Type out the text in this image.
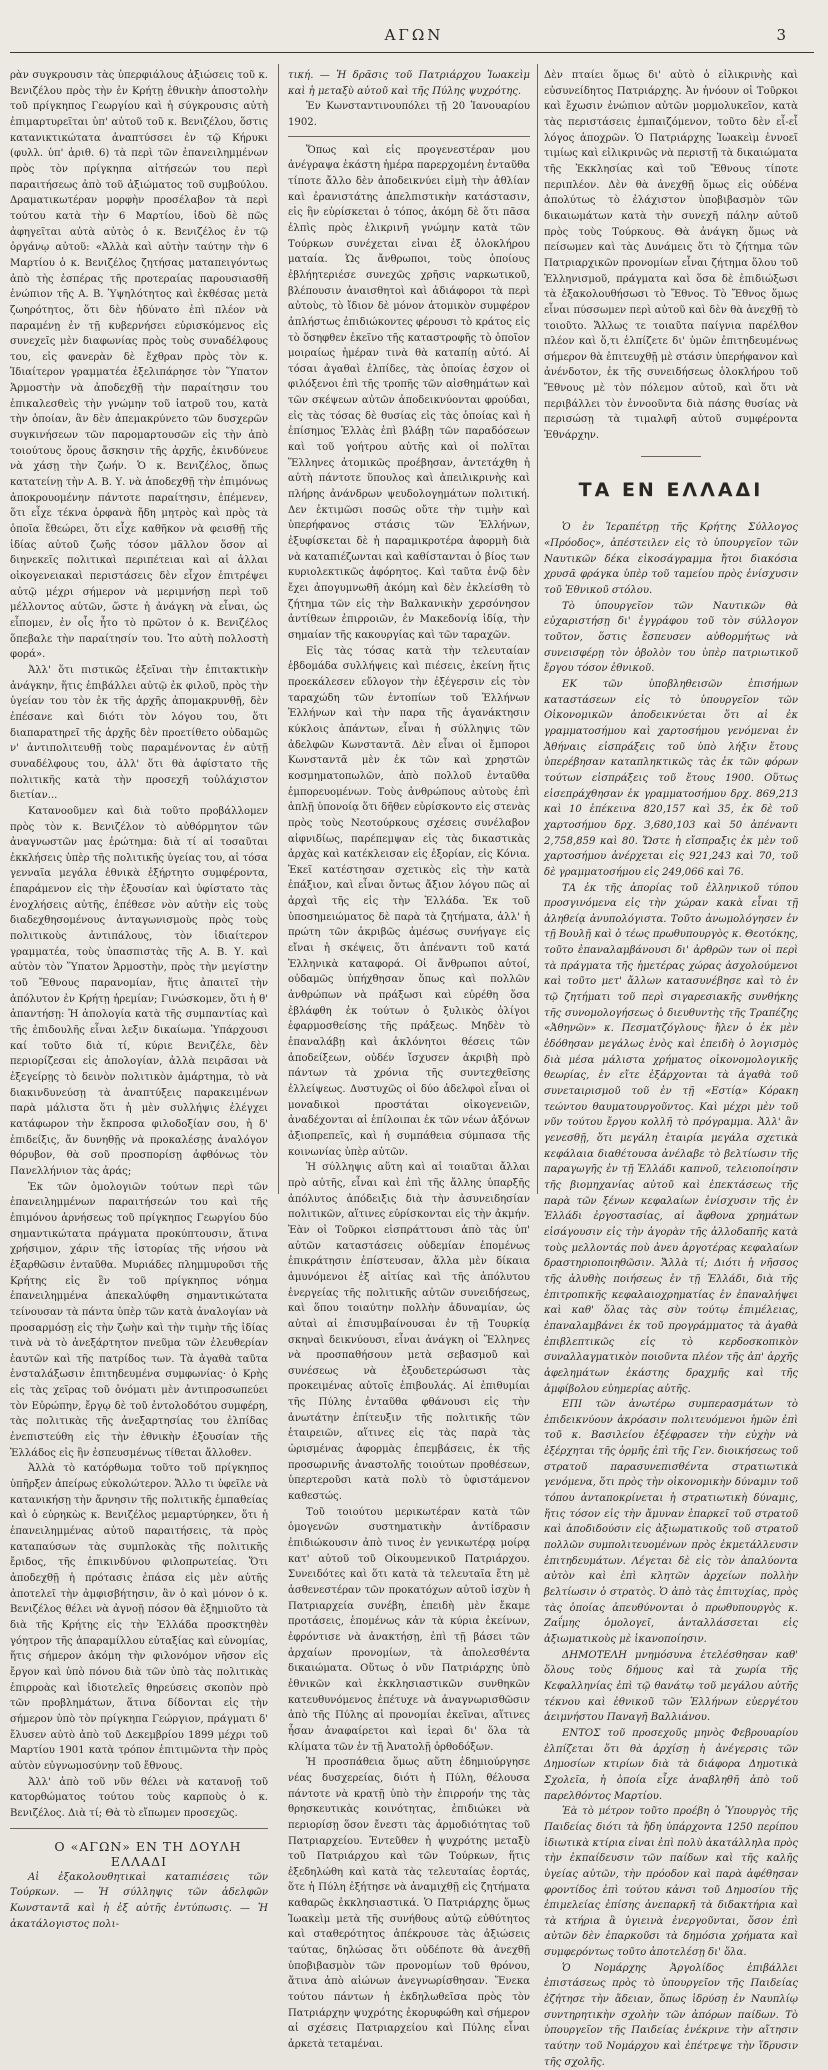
ΑΓΩΝ	3

ρὰν συγκρουσιν τὰς ὑπερφιάλους ἀξιώσεις τοῦ κ. Βενιζέλου πρὸς τὴν ἐν Κρήτῃ ἐθνικὴν ἀποστολὴν τοῦ πρίγκηπος Γεωργίου καὶ ἡ σύγκρουσις αὐτὴ ἐπιμαρτυρεῖται ὑπ' αὐτοῦ τοῦ κ. Βενιζέλου, ὅστις κατανικτικώτατα ἀναπτύσσει ἐν τῷ Κήρυκι (φυλλ. ὑπ' ἀριθ. 6) τὰ περὶ τῶν ἐπανειλημμένων πρὸς τὸν πρίγκηπα αἰτήσεών του περὶ παραιτήσεως ἀπὸ τοῦ ἀξιώματος τοῦ συμβούλου. Δραματικωτέραν μορφὴν προσέλαβον τὰ περὶ τούτου κατὰ τὴν 6 Μαρτίου, ἰδοὺ δὲ πῶς ἀφηγεῖται αὐτὰ αὐτὸς ὁ κ. Βενιζέλος ἐν τῷ ὀργάνῳ αὐτοῦ: «Ἀλλὰ καὶ αὐτὴν ταύτην τὴν 6 Μαρτίου ὁ κ. Βενιζέλος ζητήσας ματαπειγόντως ἀπὸ τὴς ἑσπέρας τῆς προτεραίας παρουσιασθῆ ἐνώπιον τῆς Α. Β. Ὑψηλότητος καὶ ἐκθέσας μετὰ ζωηρότητος, ὅτι δὲν ἠδύνατο ἐπὶ πλέον νὰ παραμένῃ ἐν τῇ κυβερνήσει εὐρισκόμενος εἰς συνεχεῖς μὲν διαφωνίας πρὸς τοὺς συναδέλφους του, εἰς φανερὰν δὲ ἔχθραν πρὸς τὸν κ. Ἰδιαίτερον γραμματέα ἐξελιπάρησε τὸν Ὕπατον Ἁρμοστὴν νὰ ἀποδεχθῇ τὴν παραίτησιν του ἐπικαλεσθεὶς τὴν γνώμην τοῦ ἰατροῦ του, κατὰ τὴν ὁποίαν, ἂν δὲν ἀπεμακρύνετο τῶν δυσχερῶν συγκινήσεων τῶν παρομαρτουσῶν εἰς τὴν ἀπὸ τοιούτους ὅρους ἄσκησιν τῆς ἀρχῆς, ἐκινδύνευε νὰ χάσῃ τὴν ζωήν. Ὁ κ. Βενιζέλος, ὅπως κατατείνῃ τὴν Α. Β. Υ. νὰ ἀποδεχθῇ τὴν ἐπιμόνως ἀποκρουομένην πάντοτε παραίτησιν, ἐπέμενεν, ὅτι εἶχε τέκνα ὀρφανὰ ἤδη μητρὸς καὶ πρὸς τὰ ὁποῖα ἔθεώρει, ὅτι εἶχε καθῆκον νὰ φεισθῇ τῆς ἰδίας αὐτοῦ ζωῆς τόσον μᾶλλον ὅσον αἱ διηνεκεῖς πολιτικαὶ περιπέτειαι καὶ αἱ ἀλλαι οἰκογενειακαὶ περιστάσεις δὲν εἶχον ἐπιτρέψει αὐτῷ μέχρι σήμερον νὰ μεριμνήσῃ περὶ τοῦ μέλλοντος αὐτῶν, ὥστε ἡ ἀνάγκη νὰ εἶναι, ὡς εἶπομεν, ἐν οἷς ἦτο τὸ πρῶτον ὁ κ. Βενιζέλος ὅπεβαλε τὴν παραίτησίν του. Ἰτο αὐτὴ πολλοστὴ φορά».

Ἀλλ' ὅτι πιστικῶς ἐξεῖναι τὴν ἐπιτακτικὴν ἀνάγκην, ἥτις ἐπιβάλλει αὐτῷ ἐκ φιλοῦ, πρὸς τὴν ὑγείαν του τὸν ἐκ τῆς ἀρχῆς ἀπομακρυνθῇ, δὲν ἐπέσανε καὶ διότι τὸν λόγου του, ὅτι διαπαρατηρεῖ τῆς ἀρχῆς δὲν προετίθετο οὐδαμῶς ν' ἀντιπολιτευθῇ τοὺς παραμένοντας ἐν αὐτῇ συναδέλφους του, ἀλλ' ὅτι θὰ ἀφίστατο τῆς πολιτικῆς κατὰ τὴν προσεχῆ τοὐλάχιστον διετίαν...

Κατανοοῦμεν καὶ διὰ τοῦτο προβάλλομεν πρὸς τὸν κ. Βενιζέλον τὸ αὐθόρμητον τῶν ἀναγνωστῶν μας ἐρώτημα: διὰ τί αἱ τοσαῦται ἐκκλήσεις ὑπὲρ τῆς πολιτικῆς ὑγείας του, αἱ τόσα γενναῖα μεγάλα ἐθνικὰ ἐξήρτητο συμφέροντα, ἐπαράμενον εἰς τὴν ἐξουσίαν καὶ ὑφίστατο τὰς ἐνοχλήσεις αὐτῆς, ἐπέθεσε νὸν αὐτὴν εἰς τοὺς διαδεχθησομένους ἀνταγωνισμοὺς πρὸς τοὺς πολιτικοὺς ἀντιπάλους, τὸν ἰδιαίτερον γραμματέα, τοὺς ὑπασπιστὰς τῆς Α. Β. Υ. καὶ αὐτὸν τὸν Ὕπατον Ἁρμοστὴν, πρὸς τὴν μεγίστην τοῦ Ἔθνους παρανομίαν, ἥτις ἀπαιτεῖ τὴν ἀπόλυτον ἐν Κρήτῃ ἠρεμίαν; Γινώσκομεν, ὅτι ἡ θ' ἀπαντήσῃ: Ἡ ἀπολογία κατὰ τῆς συμπαντίας καὶ τῆς ἐπιδουλῆς εἶναι λεξιν δικαίωμα. Ὑπάρχουσι καί τοῦτο διὰ τί, κύριε Βενιζέλε, δὲν περιορίζεσαι εἰς ἀπολογίαν, ἀλλὰ πειρᾶσαι νὰ ἐξεγείρῃς τὸ δεινὸν πολιτικὸν ἀμάρτημα, τὸ νὰ διακινδυνεύσῃ τὰ ἀναπτύξεις παρακειμένων παρὰ μάλιστα ὅτι ἡ μὲν συλλήψις ἐλέγχει κατάφωρον τὴν ἔκπροσα φιλοδοξίαν σου, ἡ δ' ἐπιδείξις, ἄν δυνηθῇς νὰ προκαλέσῃς ἀναλόγον θόρυβον, θὰ σοῦ προσπορίσῃ ἀφθόνως τὸν Πανελλήνιον τὰς ἀράς;

Ἐκ τῶν ὁμολογιῶν τούτων περὶ τῶν ἐπανειλημμένων παραιτήσεών του καὶ τῆς ἐπιμόνου ἀρνήσεως τοῦ πρίγκηπος Γεωργίου δύο σημαντικώτατα πράγματα προκύπτουσιν, ἅτινα χρήσιμον, χάριν τῆς ἱστορίας τῆς νήσου νὰ ἐξαρθῶσιν ἐνταῦθα. Μυριάδες πλημμυροῦσι τῆς Κρήτης εἰς ἓν τοῦ πρίγκηπος νόημα ἐπανειλημμένα ἀπεκαλύφθη σημαντικώτατα τείνουσαν τὰ πάντα ὑπὲρ τῶν κατὰ ἀναλογίαν νὰ προσαρμόσῃ εἰς τὴν ζωὴν καὶ τὴν τιμὴν τῆς ἰδίας τινὰ νὰ τὸ ἀνεξάρτητον πνεῦμα τῶν ἐλευθερίαν ἑαυτῶν καὶ τῆς πατρίδος των. Τὰ ἀγαθὰ ταῦτα ἐνσταλάξωσιν ἐπιτηδευμένα συμφωνίας· ὁ Κρὴς εἰς τὰς χεῖρας τοῦ ὀνόματι μὲν ἀντιπροσωπεύει τὸν Εὐρώπην, ἔργῳ δὲ τοῦ ἐντολοδότου συμφέρη, τὰς πολιτικὰς τῆς ἀνεξαρτησίας του ἐλπίδας ἐνεπιστεύθη εἰς τὴν ἐθνικὴν ἐξουσίαν τῆς Ἑλλάδος εἰς ἣν ἐσπευσμένως τίθεται ἄλλοθεν.

Ἀλλὰ τὸ κατόρθωμα τοῦτο τοῦ πρίγκηπος ὑπῆρξεν ἀπείρως εὐκολώτερον. Ἄλλο τι ὑφεῖλε νὰ κατανικήσῃ τὴν ἄρνησιν τῆς πολιτικῆς ἐμπαθείας καὶ ὁ εὑρηκὼς κ. Βενιζέλος μεμαρτύρηκεν, ὅτι ἡ ἐπανειλημμένας αὐτοῦ παραιτήσεις, τὰ πρὸς καταπαύσων τὰς συμπλοκὰς τῆς πολιτικῆς ἔριδος, τῆς ἐπικινδύνου φιλοπρωτείας. Ὅτι ἀποδεχθῇ ἡ πρότασις ἐπάσα εἰς μὲν αὐτῆς ἀποτελεῖ τὴν ἀμφισβήτησιν, ἂν ὁ καὶ μόνον ὁ κ. Βενιζέλος θέλει νὰ ἀγνοῇ πόσον θὰ ἐξημιοῦτο τὰ διὰ τῆς Κρήτης εἰς τὴν Ἑλλάδα προσκτηθὲν γόητρον τῆς ἀπαραμίλλου εὐταξίας καὶ εὐνομίας, ἥτις σήμερον ἀκόμη τὴν φιλονόμον νῆσον εἰς ἔργον καὶ ὑπὸ πόνου διὰ τῶν ὑπὸ τὰς πολιτικὰς ἐπιρροὰς καὶ ἰδιοτελεῖς θηρεύσεις σκοπὸν πρὸ τῶν προβλημάτων, ἅτινα δίδονται εἰς τὴν σήμερον ὑπὸ τὸν πρίγκηπα Γεώργιον, πράγματι δ' ἔλυσεν αὐτὸ ἀπὸ τοῦ Δεκεμβρίου 1899 μέχρι τοῦ Μαρτίου 1901 κατὰ τρόπον ἐπιτιμῶντα τὴν πρὸς αὐτὸν εὐγνωμοσύνην τοῦ ἔθνους.

Ἀλλ' ἀπὸ τοῦ νῦν θέλει νὰ κατανοῇ τοῦ κατορθώματος τούτου τοὺς καρποὺς ὁ κ. Βενιζέλος. Διὰ τί; Θὰ τὸ εἴπωμεν προσεχῶς.

Ο «ΑΓΩΝ» ΕΝ ΤΗ ΔΟΥΛΗ ΕΛΛΑΔΙ

Αἱ ἐξακολουθητικαὶ καταπιέσεις τῶν Τούρκων. — Ἡ σύλληψις τῶν ἀδελφῶν Κωνσταντᾶ καὶ ἡ ἐξ αὐτῆς ἐντύπωσις. — Ἡ ἀκατάλογιστος πολι-

τική. — Ἡ δρᾶσις τοῦ Πατριάρχου Ἰωακεὶμ καὶ ἡ μεταξὺ αὐτοῦ καὶ τῆς Πύλης ψυχρότης.

Ἐν Κωνσταντινουπόλει τῇ 20 Ἰανουαρίου 1902.

Ὅπως καὶ εἰς προγενεστέραν μου ἀνέγραψα ἐκάστη ἡμέρα παρερχομένη ἐνταῦθα τίποτε ἄλλο δὲν ἀποδεικνύει εἰμὴ τὴν ἀθλίαν καὶ ἐρανιστάτης ἀπελπιστικὴν κατάστασιν, εἰς ἣν εὑρίσκεται ὁ τόπος, ἀκόμη δὲ ὅτι πᾶσα ἐλπὶς πρὸς ἐλικρινῆ γνώμην κατὰ τῶν Τούρκων συνέχεται εἰναι ἐξ ὁλοκλήρου ματαία. Ὡς ἄνθρωποι, τοὺς ὁποίους ἐβλήητεριέσε συνεχῶς χρῆσις ναρκωτικοῦ, βλέπουσιν ἀναισθητοὶ καὶ ἀδιάφοροι τὰ περὶ αὐτοὺς, τὸ ἴδιον δὲ μόνον ἀτομικὸν συμφέρον ἀπλήστως ἐπιδιώκοντες φέρουσι τὸ κράτος εἰς τὸ ὅσηφθεν ἐκεῖνο τῆς καταστροφῆς τὸ ὁποῖον μοιραίως ἡμέραν τινὰ θὰ καταπίῃ αὐτό. Αἱ τόσαι ἀγαθαὶ ἐλπίδες, τὰς ὁποίας ἐσχον οἱ φιλόξενοι ἐπὶ τῆς τροπῆς τῶν αἰσθημάτων καὶ τῶν σκέψεων αὐτῶν ἀποδεικνύονται φρούδαι, εἰς τὰς τόσας δὲ θυσίας εἰς τὰς ὁποίας καὶ ἡ ἐπίσημος Ἑλλὰς ἐπὶ βλάβῃ τῶν παραδόσεων καὶ τοῦ γοήτρου αὐτῆς καὶ οἱ πολῖται Ἕλληνες ἀτομικῶς προέβησαν, ἀντετάχθη ἡ αὐτὴ πάντοτε ὕπουλος καὶ ἀπειλικρινὴς καὶ πλήρης ἀνάνδρων ψευδολογημάτων πολιτική. Δεν ἐκτιμῶσι ποσῶς οὔτε τὴν τιμὴν καὶ ὑπερήφανος στάσις τῶν Ἑλλήνων, ἐξυφίσκεται δὲ ἡ παραμικροτέρα ἀφορμὴ διὰ νὰ καταπιέζωνται καὶ καθίστανται ὁ βίος των κυριολεκτικῶς ἀφόρητος. Καὶ ταῦτα ἐνῷ δὲν ἔχει ἀπογυμνωθῆ ἀκόμη καὶ δὲν ἐκλείσθη τὸ ζήτημα τῶν εἰς τὴν Βαλκανικὴν χερσόνησον ἀντίθεων ἐπιρροιῶν, ἐν Μακεδονίᾳ ἰδίᾳ, τὴν σημαίαν τῆς κακουργίας καὶ τῶν ταραχῶν.

Εἰς τὰς τόσας κατὰ τὴν τελευταίαν ἑβδομάδα συλλήψεις καὶ πιέσεις, ἐκείνη ἥτις προεκάλεσεν εὔλογον τὴν ἐξέγερσιν εἰς τὸν ταραχώδη τῶν ἐντοπίων τοῦ Ἑλλήνων Ἑλλήνων καὶ τὴν παρα τῆς ἀγανάκτησιν κύκλοις ἀπάντων, εἶναι ἡ σύλληψις τῶν ἀδελφῶν Κωνσταντᾶ. Δὲν εἶναι οἱ ἔμποροι Κωνσταντᾶ μὲν ἐκ τῶν καὶ χρηστῶν κοσμηματοπωλῶν, ἀπὸ πολλοῦ ἐνταῦθα ἐμπορευομένων. Τοὺς ἀνθρώπους αὐτοὺς ἐπὶ ἁπλῇ ὑπονοίᾳ ὅτι δῆθεν εὑρίσκοντο εἰς στενὰς πρὸς τοὺς Νεοτούρκους σχέσεις συνέλαβον αἰφνιδίως, παρέπεμψαν εἰς τὰς δικαστικὰς ἀρχὰς καὶ κατέκλεισαν εἰς ἐξορίαν, εἰς Κόνια. Ἐκεῖ κατέστησαν σχετικὸς εἰς τὴν κατὰ ἐπάξιον, καὶ εἶναι ὄντως ἄξιον λόγου πῶς αἱ ἀρχαὶ τῆς εἰς τὴν Ἑλλάδα. Ἐκ τοῦ ὑποσημειώματος δὲ παρὰ τὰ ζητήματα, ἀλλ' ἡ πρώτη τῶν ἀκριβῶς ἀμέσως συνήγαγε εἰς εἴναι ἡ σκέψεις, ὅτι ἀπέναντι τοῦ κατά Ἑλληνικὰ καταφορά. Οἱ ἄνθρωποι αὐτοί, οὐδαμῶς ὑπήχθησαν ὅπως καὶ πολλῶν ἀνθρώπων νὰ πράξωσι καὶ εὐρέθη ὅσα ἐβλάφθη ἐκ τούτων ὁ ξυλικὸς ὀλίγοι ἐφαρμοσθείσης τῆς πράξεως. Μηδὲν τὸ ἐπαναλάβῃ καὶ ἀκλόνητοι θέσεις τῶν ἀποδείξεων, οὐδέν ἴσχυσεν ἀκριβὴ πρὸ πάντων τὰ χρόνια τῆς συντεχθεῖσης ἐλλείψεως. Δυστυχῶς οἱ δύο ἀδελφοὶ εἶναι οἱ μοναδικοὶ προστάται οἰκογενειῶν, ἀναδέχονται αἱ ἑπίλοιπαι ἐκ τῶν νέων ἀξόνων ἀξιοπρεπεῖς, καὶ ἡ συμπάθεια σύμπασα τῆς κοινωνίας ὑπὲρ αὐτῶν.

Ἡ σύλληψις αὕτη καὶ αἱ τοιαῦται ἄλλαι πρὸ αὐτῆς, εἶναι καὶ ἐπὶ τῆς ἄλλης ὑπαρξῆς ἀπόλυτος ἀπόδειξις διὰ τὴν ἀσυνειδησίαν πολιτικῶν, αἵτινες εὐρίσκονται εἰς τὴν ἀκμήν. Ἐὰν οἱ Τοῦρκοι εἰσπράττουσι ἀπὸ τὰς ὑπ' αὐτῶν καταστάσεις οὐδεμίαν ἑπομένως ἐπικράτησιν ἐπίστευσαν, ἄλλα μὲν δίκαια ἀμυνόμενοι ἐξ αἰτίας καὶ τῆς ἀπόλυτου ἐνεργείας τῆς πολιτικῆς αὐτῶν συνειδήσεως, καὶ ὅπου τοιαύτην πολλὴν ἀδυναμίαν, ὡς αὐταὶ αἱ ἐπισυμβαίνουσαι ἐν τῇ Τουρκίᾳ σκηναὶ δεικνύουσι, εἶναι ἀνάγκη οἱ Ἕλληνες νὰ προσπαθήσουν μετὰ σεβασμοῦ καὶ συνέσεως νὰ ἐξουδετερώσωσι τὰς προκειμένας αὐτοῖς ἐπιβουλάς. Αἱ ἐπιθυμίαι τῆς Πύλης ἐνταῦθα φθάνουσι εἰς τὴν ἀνωτάτην ἐπίτευξιν τῆς πολιτικῆς τῶν ἑταιρειῶν, αἵτινες εἰς τὰς παρὰ τὰς ὡρισμένας ἀφορμὰς ἐπεμβάσεις, ἐκ τῆς προσωρινῆς ἀναστολῆς τοιούτων προθέσεων, ὑπερτεροῦσι κατὰ πολὺ τὸ ὑφιστάμενον καθεστώς.

Τοῦ τοιούτου μερικωτέραν κατὰ τῶν ὁμογενῶν συστηματικὴν ἀντίδρασιν ἐπιδιώκουσιν ἀπὸ τινος ἐν γενικωτέρᾳ μοίρᾳ κατ' αὐτοῦ τοῦ Οἰκουμενικοῦ Πατριάρχου. Συνειδότες καὶ ὅτι κατὰ τὰ τελευταῖα ἔτη μὲ ἀσθενεστέραν τῶν προκατόχων αὐτοῦ ἰσχὺν ἡ Πατριαρχεία συνέβη, ἐπειδὴ μὲν ἔκαμε προτάσεις, ἑπομένως κἀν τὰ κύρια ἐκείνων, ἐφρόντισε νὰ ἀνακτήσῃ, ἐπὶ τῇ βάσει τῶν ἀρχαίων προνομίων, τὰ ἀπολεσθέντα δικαιώματα. Οὕτως ὁ νῦν Πατριάρχης ὑπὸ ἐθνικῶν καὶ ἐκκλησιαστικῶν συνθηκῶν κατευθυνόμενος ἐπέτυχε νὰ ἀναγνωρισθῶσιν ἀπὸ τῆς Πύλης αἱ προνομίαι ἐκεῖναι, αἵτινες ἦσαν ἀναφαίρετοι καὶ ἱεραὶ δι' ὅλα τὰ κλίματα τῶν ἐν τῇ Ἀνατολῇ ὀρθοδόξων.

Ἡ προσπάθεια ὅμως αὕτη ἐδημιούργησε νέας δυσχερείας, διότι ἡ Πύλη, θέλουσα πάντοτε νὰ κρατῇ ὑπὸ τὴν ἐπιρροήν της τὰς θρησκευτικὰς κοινότητας, ἐπιδιώκει νὰ περιορίσῃ ὅσον ἔνεστι τὰς ἁρμοδιότητας τοῦ Πατριαρχείου. Ἐντεῦθεν ἡ ψυχρότης μεταξὺ τοῦ Πατριάρχου καὶ τῶν Τούρκων, ἥτις ἐξεδηλώθη καὶ κατὰ τὰς τελευταίας ἑορτάς, ὅτε ἡ Πύλη ἐξήτησε νὰ ἀναμιχθῇ εἰς ζητήματα καθαρῶς ἐκκλησιαστικά. Ὁ Πατριάρχης ὅμως Ἰωακεὶμ μετὰ τῆς συνήθους αὐτῷ εὐθύτητος καὶ σταθερότητος ἀπέκρουσε τὰς ἀξιώσεις ταύτας, δηλώσας ὅτι οὐδέποτε θὰ ἀνεχθῇ ὑποβιβασμὸν τῶν προνομίων τοῦ θρόνου, ἅτινα ἀπὸ αἰώνων ἀνεγνωρίσθησαν. Ἕνεκα τούτου πάντων ἡ ἐκδηλωθεῖσα πρὸς τὸν Πατριάρχην ψυχρότης ἐκορυφώθη καὶ σήμερον αἱ σχέσεις Πατριαρχείου καὶ Πύλης εἶναι ἀρκετὰ τεταμέναι.

Δὲν πταίει ὅμως δι' αὐτὸ ὁ εἰλικρινὴς καὶ εὐσυνείδητος Πατριάρχης. Ἀν ἠνόουν οἱ Τοῦρκοι καὶ ἔχωσιν ἐνώπιον αὐτῶν μορμολυκεῖον, κατὰ τὰς περιστάσεις ἐμπαιζόμενον, τοῦτο δὲν εἶ-εἶ λόγος ἀποχρῶν. Ὁ Πατριάρχης Ἰωακεὶμ ἐννοεῖ τιμίως καὶ εἰλικρινῶς νὰ περιστῇ τὰ δικαιώματα τῆς Ἐκκλησίας καὶ τοῦ Ἔθνους τίποτε περιπλέον. Δὲν θὰ ἀνεχθῇ ὅμως εἰς οὐδένα ἀπολύτως τὸ ἐλάχιστον ὑποβιβασμὸν τῶν δικαιωμάτων κατὰ τὴν συνεχῆ πάλην αὐτοῦ πρὸς τοὺς Τούρκους. Θὰ ἀνάγκη ὅμως νὰ πείσωμεν καὶ τὰς Δυνάμεις ὅτι τὸ ζήτημα τῶν Πατριαρχικῶν προνομίων εἶναι ζήτημα ὅλου τοῦ Ἑλληνισμοῦ, πράγματα καὶ ὅσα δὲ ἐπιδιώξωσι τὰ ἐξακολουθήσωσι τὸ Ἔθνος. Τὸ Ἔθνος ὅμως εἶναι πύσσωμεν περὶ αὐτοῦ καὶ δὲν θὰ ἀνεχθῇ τὸ τοιοῦτο. Ἄλλως τε τοιαῦτα παίγνια παρέλθον πλέον καὶ ὅ,τι ἐλπίζετε δι' ὑμῶν ἐπιτηδευμένως σήμερον θὰ ἐπιτευχθῇ μὲ στάσιν ὑπερήφανον καὶ ἀνένδοτον, ἐκ τῆς συνειδήσεως ὁλοκλήρου τοῦ Ἔθνους μὲ τὸν πόλεμον αὐτοῦ, καὶ ὅτι νὰ περιβάλλει τὸν ἐννοοῦντα διὰ πάσης θυσίας νὰ περισώσῃ τὰ τιμαλφῆ αὐτοῦ συμφέροντα Ἐθνάρχην.

ΤΑ ΕΝ ΕΛΛΑΔΙ

Ὁ ἐν Ἱεραπέτρῃ τῆς Κρήτης Σύλλογος «Πρόοδος», ἀπέστειλεν εἰς τὸ ὑπουργεῖον τῶν Ναυτικῶν δέκα εἰκοσάγραμμα ἤτοι διακόσια χρυσᾶ φράγκα ὑπὲρ τοῦ ταμείου πρὸς ἐνίσχυσιν τοῦ Ἐθνικοῦ στόλου.

Τὸ ὑπουργεῖον τῶν Ναυτικῶν θὰ εὐχαριστήσῃ δι' ἐγγράφου τοῦ τὸν σύλλογον τοῦτον, ὅστις ἔσπευσεν αὐθορμήτως νὰ συνεισφέρῃ τὸν ὀβολὸν του ὑπὲρ πατριωτικοῦ ἔργου τόσον ἐθνικοῦ.

ΕΚ τῶν ὑποβληθεισῶν ἐπισήμων καταστάσεων εἰς τὸ ὑπουργεῖον τῶν Οἰκονομικῶν ἀποδεικνύεται ὅτι αἱ ἐκ γραμματοσήμου καὶ χαρτοσήμου γενόμεναι ἐν Ἀθήναις εἰσπράξεις τοῦ ὑπὸ λήξιν ἔτους ὑπερέβησαν καταπληκτικῶς τὰς ἐκ τῶν φόρων τούτων εἰσπράξεις τοῦ ἔτους 1900. Οὕτως εἰσεπράχθησαν ἐκ γραμματοσήμου δρχ. 869,213 καὶ 10 ἐπέκεινα 820,157 καὶ 35, ἐκ δὲ τοῦ χαρτοσήμου δρχ. 3,680,103 καὶ 50 ἀπέναντι 2,758,859 καὶ 80. Ὥστε ἡ εἴσπραξις ἐκ μὲν τοῦ χαρτοσήμου ἀνέρχεται εἰς 921,243 καὶ 70, τοῦ δὲ γραμματοσήμου εἰς 249,066 καὶ 76.

ΤΑ ἐκ τῆς ἀπορίας τοῦ ἑλληνικοῦ τύπου προσγινόμενα εἰς τὴν χώραν κακὰ εἶναι τῇ ἀληθείᾳ ἀνυπολόγιστα. Τοῦτο ἀνωμολόγησεν ἐν τῇ Βουλῇ καὶ ὁ τέως πρωθυπουργὸς κ. Θεοτόκης, τοῦτο ἐπαναλαμβάνουσι δι' ἀρθρῶν των οἱ περὶ τὰ πράγματα τῆς ἡμετέρας χώρας ἀσχολούμενοι καὶ τοῦτο μετ' ἄλλων κατασυνέβησε καὶ τὸ ἐν τῷ ζητήματι τοῦ περὶ σιγαρεσιακῆς συνθήκης τῆς συνομολογήσεως ὁ διευθυντὴς τῆς Τραπέζης «Ἀθηνῶν» κ. Πεσματζόγλους· ἤλεν ὁ ἐκ μὲν ἐδόθησαν μεγάλως ἑνὸς καὶ ἐπειδὴ ὁ λογισμὸς διὰ μέσα μάλιστα χρήματος οἰκονομολογικῆς θεωρίας, ἐν εἴτε ἐξάρχονται τὰ ἀγαθὰ τοῦ συνεταιρισμοῦ τοῦ ἐν τῇ «Εστίᾳ» Κόρακη τεώντου θαυματουργοῦντος. Καὶ μέχρι μὲν τοῦ νῦν τούτου ἔργου κολλῆ τὸ πρόγραμμα. Ἀλλ' ἂν γενεσθῇ, ὅτι μεγάλη ἑταιρία μεγάλα σχετικὰ κεφάλαια διαθέτουσα ἀνέλαβε τὸ βελτίωσιν τῆς παραγωγῆς ἐν τῇ Ἑλλάδι καπνοῦ, τελειοποίησιν τῆς βιομηχανίας αὐτοῦ καὶ ἐπεκτάσεως τῆς παρὰ τῶν ξένων κεφαλαίων ἐνίσχυσιν τῆς ἐν Ἑλλάδι ἐργοστασίας, αἱ ἄφθονα χρημάτων εἰσάγουσιν εἰς τὴν ἀγορὰν τῆς ἀλλοδαπῆς κατὰ τοὺς μελλοντάς ποὺ ἀνευ ἀργοτέρας κεφαλαίων δραστηριοποιηθῶσιν. Ἄλλὰ τί; Διότι ἡ νῆσσος τῆς ἀλυθὴς ποιήσεως ἐν τῇ Ἑλλάδι, διὰ τῆς ἐπιτροπικῆς κεφαλαιοχρηματίας ἐν ἐπαναλήψει καὶ καθ' ὅλας τὰς σὺν τούτῳ ἐπιμέλειας, ἐπαναλαμβάνει ἐκ τοῦ προγράμματος τὰ ἀγαθὰ ἐπιβλεπτικῶς εἰς τὸ κερδοσκοπικὸν συναλλαγματικὸν ποιοῦντα πλέον τῆς ἀπ' ἀρχῆς ἀφελημάτων ἑκάστης δραχμῆς καὶ τῆς ἀμφίβολου εὐημερίας αὐτῆς.

ΕΠΙ τῶν ἀνωτέρω συμπερασμάτων τὸ ἐπιδεικνύουν ἀκρόασιν πολιτευόμενοι ἡμῶν ἐπὶ τοῦ κ. Βασιλείου ἐξέφρασεν τὴν εὐχὴν νὰ ἐξέρχηται τῆς ὁρμῆς ἐπὶ τῆς Γεν. διοικήσεως τοῦ στρατοῦ παρασυνεπισθέντα στρατιωτικὰ γενόμενα, ὅτι πρὸς τὴν οἰκονομικὴν δύναμιν τοῦ τόπου ἀνταποκρίνεται ἡ στρατιωτικὴ δύναμις, ἥτις τόσον εἰς τὴν ἄμυναν ἐπαρκεῖ τοῦ στρατοῦ καὶ ἀποδιδούσιν εἰς ἀξιωματικοῦς τοῦ στρατοῦ πολλῶν συμπολιτευομένων πρὸς ἐκμετάλλευσιν ἐπιτηδευμάτων. Λέγεται δὲ εἰς τὸν ἀπαλύοντα αὐτὸν καὶ ἐπὶ κλητῶν ἀρχείων πολλὴν βελτίωσιν ὁ στρατὸς. Ὁ ἀπὸ τὰς ἐπιτυχίας, πρὸς τὰς ὁποίας ἀπευθύνονται ὁ πρωθυπουργὸς κ. Ζαΐμης ὁμολογεῖ, ἀνταλλάσσεται εἰς ἀξιωματικοὺς μὲ ἱκανοποίησιν.

ΔΗΜΟΤΕΛΗ μνημόσυνα ἐτελέσθησαν καθ' ὅλους τοὺς δήμους καὶ τὰ χωρία τῆς Κεφαλληνίας ἐπὶ τῷ θανάτῳ τοῦ μεγάλου αὐτῆς τέκνου καὶ ἐθνικοῦ τῶν Ἑλλήνων εὐεργέτου ἀειμνήστου Παναγῆ Βαλλιάνου.

ΕΝΤΟΣ τοῦ προσεχοῦς μηνὸς Φεβρουαρίου ἐλπίζεται ὅτι θὰ ἀρχίσῃ ἡ ἀνέγερσις τῶν Δημοσίων κτιρίων διὰ τὰ διάφορα Δημοτικὰ Σχολεῖα, ἡ ὁποία εἶχε ἀναβληθῆ ἀπὸ τοῦ παρελθόντος Μαρτίου.

Ἐὰ τὸ μέτρον τοῦτο προέβη ὁ Ὑπουργὸς τῆς Παιδείας διότι τὰ ἤδη ὑπάρχοντα 1250 περίπου ἰδιωτικὰ κτίρια εἰναι ἐπὶ πολὺ ἀκατάλληλα πρὸς τὴν ἐκπαίδευσιν τῶν παίδων καὶ τῆς καλῆς ὑγείας αὐτῶν, τὴν πρόοδον καὶ παρὰ ἀφέθησαν φροντίδος ἐπὶ τούτου κἀνσι τοῦ Δημοσίου τῆς ἐπιμελείας ἐπίσης ἀνεπαρκῆ τὰ διδακτήρια καὶ τὰ κτήρια ἃ ὑγιεινὰ ἐνεργοῦνται, ὅσον ἐπὶ αὐτῶν δὲν ἐπαρκοῦσι τὰ δημόσια χρήματα καὶ συμφερόντως τοῦτο ἀποτελέσῃ δι' ὅλα.

Ὁ Νομάρχης Ἀργολίδος ἐπιβάλλει ἐπιστάσεως πρὸς τὸ ὑπουργεῖον τῆς Παιδείας ἐζήτησε τὴν ἄδειαν, ὅπως ἱδρύσῃ ἐν Ναυπλίῳ συντηρητικὴν σχολὴν τῶν ἀπόρων παίδων. Τὸ ὑπουργεῖον τῆς Παιδείας ἐνέκρινε τὴν αἴτησιν ταύτην τοῦ Νομάρχου καὶ ἐπέτρεψε τὴν ἵδρυσιν τῆς σχολῆς.
